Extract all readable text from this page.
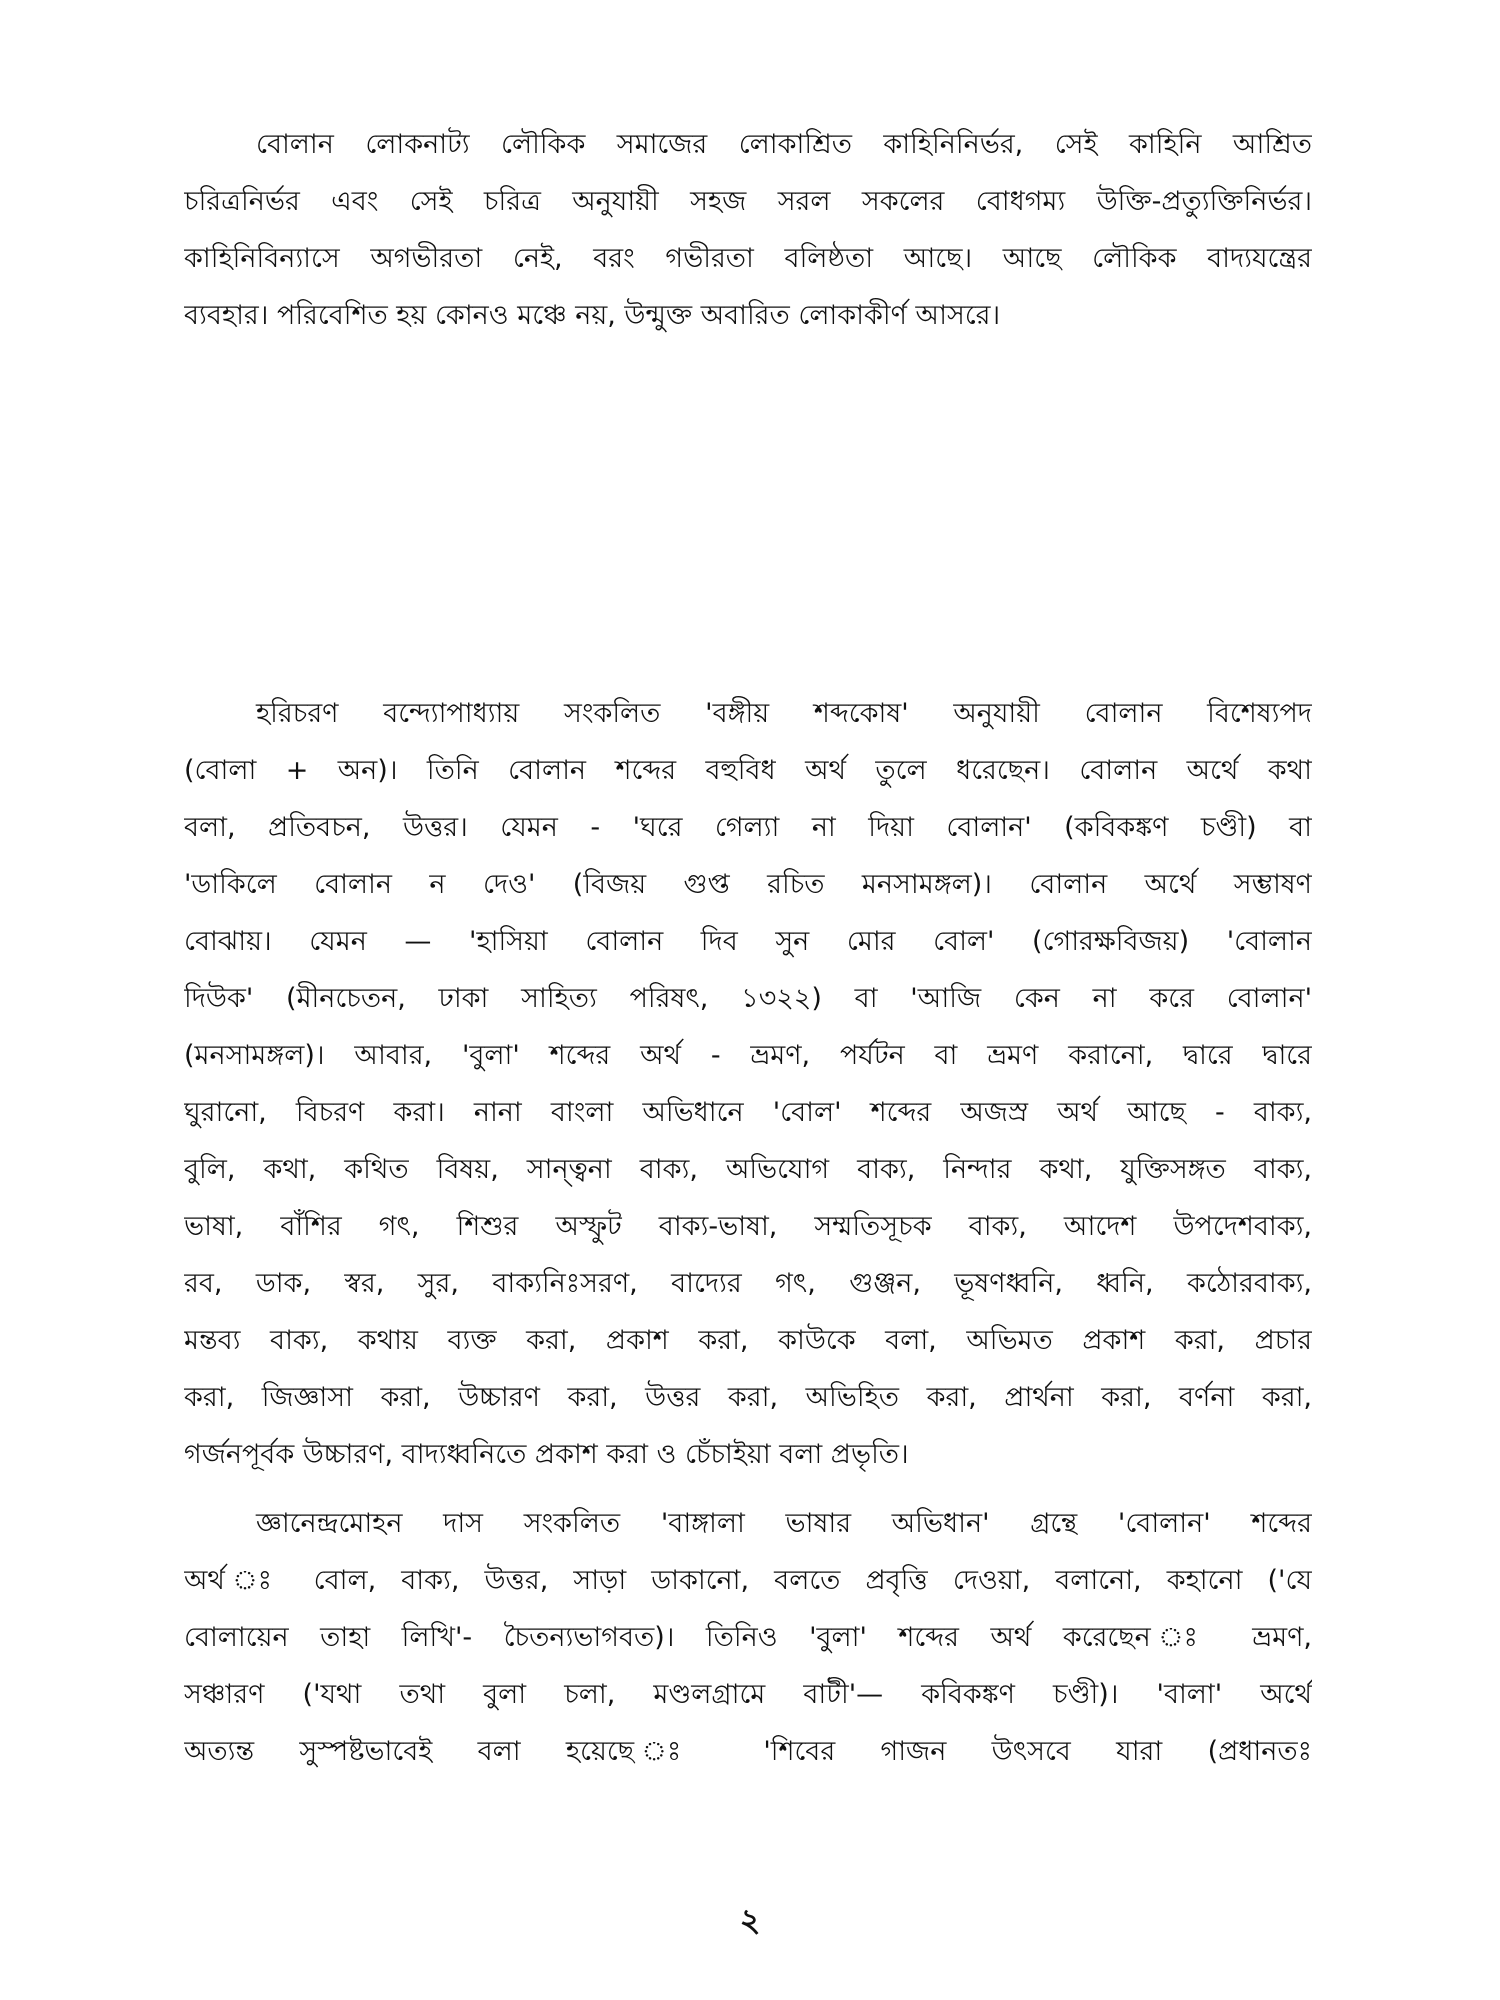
বোলান লোকনাট্য লৌকিক সমাজের লোকাশ্রিত কাহিনিনির্ভর, সেই কাহিনি আশ্রিত
চরিত্রনির্ভর এবং সেই চরিত্র অনুযায়ী সহজ সরল সকলের বোধগম্য উক্তি-প্রত্যুক্তিনির্ভর।
কাহিনিবিন্যাসে অগভীরতা নেই, বরং গভীরতা বলিষ্ঠতা আছে। আছে লৌকিক বাদ্যযন্ত্রের
ব্যবহার। পরিবেশিত হয় কোনও মঞ্চে নয়, উন্মুক্ত অবারিত লোকাকীর্ণ আসরে।
হরিচরণ বন্দ্যোপাধ্যায় সংকলিত 'বঙ্গীয় শব্দকোষ' অনুযায়ী বোলান বিশেষ্যপদ
(বোলা + অন)। তিনি বোলান শব্দের বহুবিধ অর্থ তুলে ধরেছেন। বোলান অর্থে কথা
বলা, প্রতিবচন, উত্তর। যেমন - 'ঘরে গেল্যা না দিয়া বোলান' (কবিকঙ্কণ চণ্ডী) বা
'ডাকিলে বোলান ন দেও' (বিজয় গুপ্ত রচিত মনসামঙ্গল)। বোলান অর্থে সম্ভাষণ
বোঝায়। যেমন — 'হাসিয়া বোলান দিব সুন মোর বোল' (গোরক্ষবিজয়) 'বোলান
দিউক' (মীনচেতন, ঢাকা সাহিত্য পরিষৎ, ১৩২২) বা 'আজি কেন না করে বোলান'
(মনসামঙ্গল)। আবার, 'বুলা' শব্দের অর্থ - ভ্রমণ, পর্যটন বা ভ্রমণ করানো, দ্বারে দ্বারে
ঘুরানো, বিচরণ করা। নানা বাংলা অভিধানে 'বোল' শব্দের অজস্র অর্থ আছে - বাক্য,
বুলি, কথা, কথিত বিষয়, সান্ত্বনা বাক্য, অভিযোগ বাক্য, নিন্দার কথা, যুক্তিসঙ্গত বাক্য,
ভাষা, বাঁশির গৎ, শিশুর অস্ফুট বাক্য-ভাষা, সম্মতিসূচক বাক্য, আদেশ উপদেশবাক্য,
রব, ডাক, স্বর, সুর, বাক্যনিঃসরণ, বাদ্যের গৎ, গুঞ্জন, ভূষণধ্বনি, ধ্বনি, কঠোরবাক্য,
মন্তব্য বাক্য, কথায় ব্যক্ত করা, প্রকাশ করা, কাউকে বলা, অভিমত প্রকাশ করা, প্রচার
করা, জিজ্ঞাসা করা, উচ্চারণ করা, উত্তর করা, অভিহিত করা, প্রার্থনা করা, বর্ণনা করা,
গর্জনপূর্বক উচ্চারণ, বাদ্যধ্বনিতে প্রকাশ করা ও চেঁচাইয়া বলা প্রভৃতি।
জ্ঞানেন্দ্রমোহন দাস সংকলিত 'বাঙ্গালা ভাষার অভিধান' গ্রন্থে 'বোলান' শব্দের
অর্থ ঃ বোল, বাক্য, উত্তর, সাড়া ডাকানো, বলতে প্রবৃত্তি দেওয়া, বলানো, কহানো ('যে
বোলায়েন তাহা লিখি'- চৈতন্যভাগবত)। তিনিও 'বুলা' শব্দের অর্থ করেছেন ঃ ভ্রমণ,
সঞ্চারণ ('যথা তথা বুলা চলা, মণ্ডলগ্রামে বাটী'— কবিকঙ্কণ চণ্ডী)। 'বালা' অর্থে
অত্যন্ত সুস্পষ্টভাবেই বলা হয়েছে ঃ 'শিবের গাজন উৎসবে যারা (প্রধানতঃ
২
